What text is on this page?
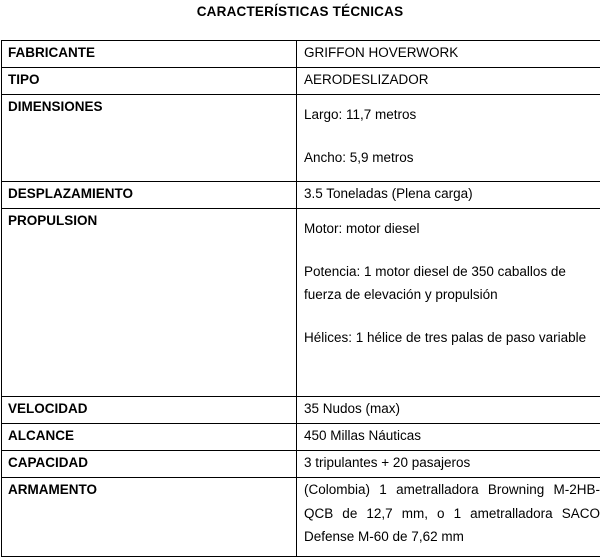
CARACTERÍSTICAS TÉCNICAS
FABRICANTE	GRIFFON HOVERWORK
TIPO	AERODESLIZADOR
DIMENSIONES	Largo: 11,7 metros

Ancho: 5,9 metros

DESPLAZAMIENTO	3.5 Toneladas (Plena carga)
PROPULSION	Motor: motor diesel

Potencia: 1 motor diesel de 350 caballos de fuerza de elevación y propulsión

Hélices: 1 hélice de tres palas de paso variable

VELOCIDAD	35 Nudos (max)
ALCANCE	450 Millas Náuticas
CAPACIDAD	3 tripulantes + 20 pasajeros
ARMAMENTO	(Colombia) 1 ametralladora Browning M-2HB-QCB de 12,7 mm, o 1 ametralladora SACO Defense M-60 de 7,62 mm
